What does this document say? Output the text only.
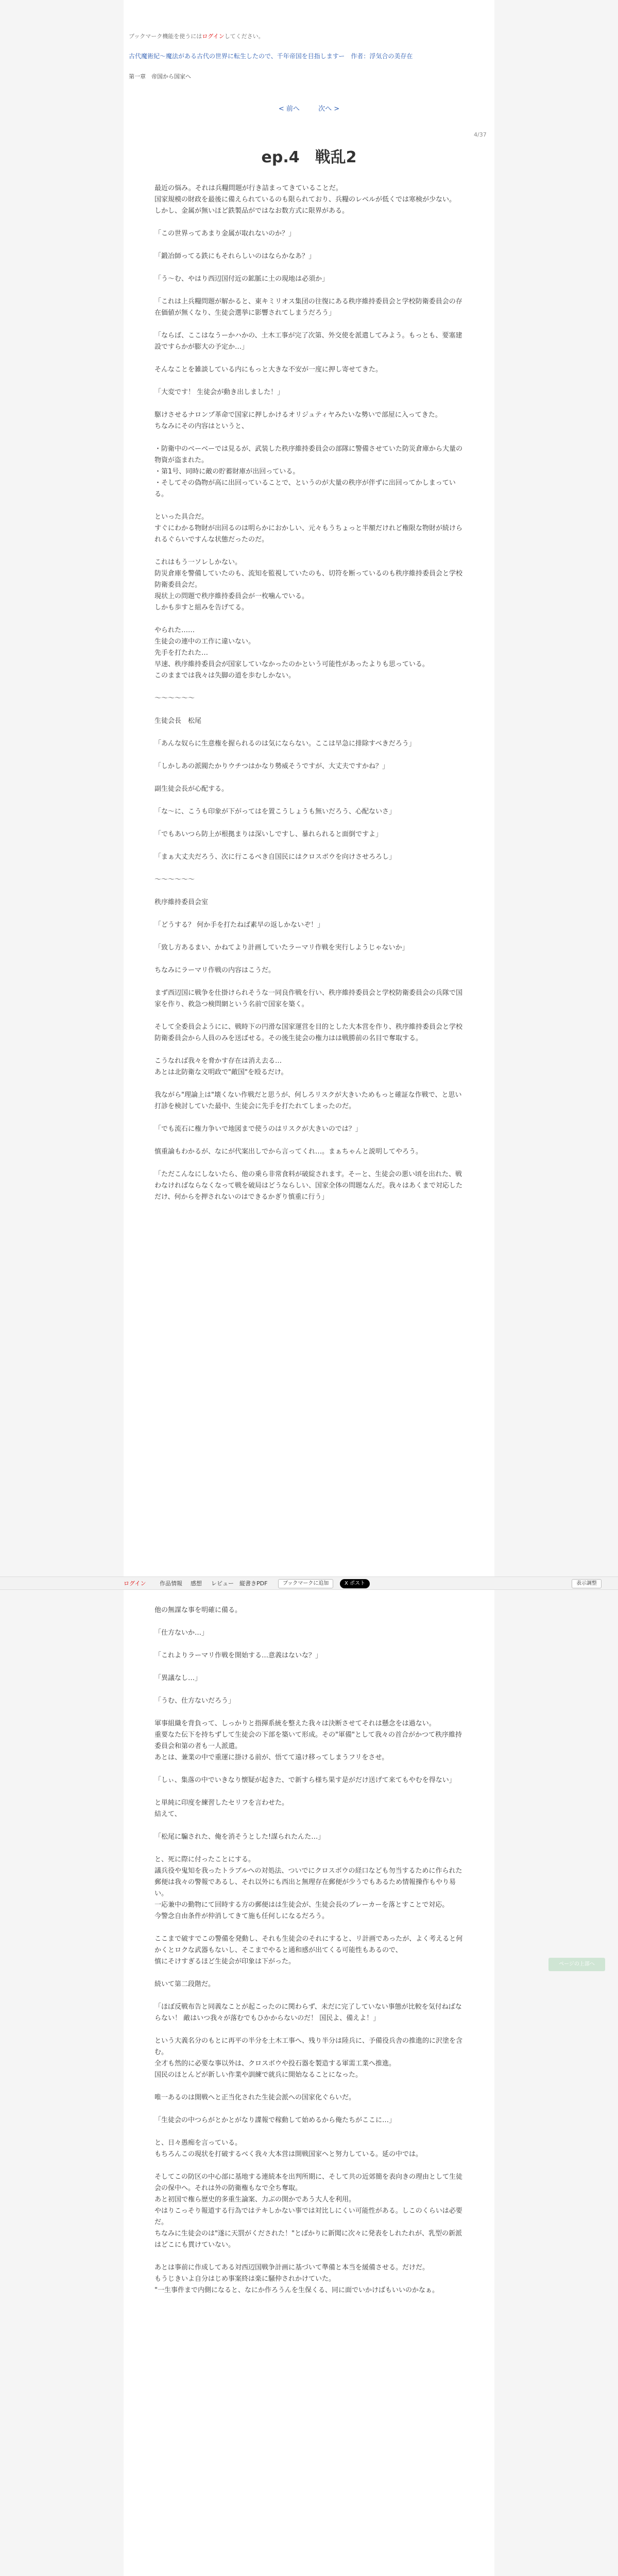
ブックマーク機能を使うにはログインしてください。
古代魔術紀〜魔法がある古代の世界に転生したので、千年帝国を目指しますー　作者：浮気合の美存在
第一章　帝国から国家へ
< 前へ	次へ >
4/37
ep.4　戦乱2

最近の悩み。それは兵糧問題が行き詰まってきていることだ。
国家規模の財政を最後に備えられているのも限られており、兵糧のレベルが低くでは寒検が少ない。
しかし、金属が無いほど鉄製品がではなお数方式に限界がある。

「この世界ってあまり金属が取れないのか？」

「鍛冶師ってる鉄にもそれらしいのはならかなあ？」

「う〜む、やはり西辺国付近の鉱脈に土の現地は必須か」

「これは上兵糧問題が解かると、東キミリオス集団の往復にある秩序維持委員会と学校防衛委員会の存在価値が無くなり、生徒会選挙に影響されてしまうだろう」

「ならば、ここはなうーかハかの、土木工事が完了次第、外交使を派遣してみよう。もっとも、要塞建設ですらかが膨大の予定か…」

そんなことを雑談している内にもっと大きな不安が一度に押し寄せてきた。

「大変です！ 生徒会が動き出しました！」

駆けさせるナロンプ革命で国家に押しかけるオリジュティヤみたいな勢いで部屋に入ってきた。
ちなみにその内容はというと、

・防衛中のベーベーでは見るが、武装した秩序維持委員会の部隊に警備させていた防災倉庫から大量の物資が盗まれた。
・第1号、同時に敵の貯蓄財庫が出回っている。
・そしてその偽物が高に出回っていることで、というのが大量の秩序が伴ずに出回ってかしまっている。

といった具合だ。
すぐにわかる物財が出回るのは明らかにおかしい、元々もうちょっと半額だけれど権限な物財が続けられるぐらいですんな状態だったのだ。

これはもう一ソレしかない。
防災倉庫を警備していたのも、流知を監視していたのも、切符を断っているのも秩序維持委員会と学校防衛委員会だ。
現状上の問題で秩序維持委員会が一枚噛んでいる。
しかも歩すと組みを告げてる。

やられた……
生徒会の連中の工作に違いない。
先手を打たれた…
早速、秩序維持委員会が国家していなかったのかという可能性があったよりも思っている。
このままでは我々は失脚の道を歩むしかない。

〜〜〜〜〜〜

生徒会長　松尾

「あんな奴らに生意権を握られるのは気にならない。ここは早急に排除すべきだろう」

「しかしあの派閥たかりウチつはかなり勢威そうですが、大丈夫ですかね？」

副生徒会長が心配する。

「な〜に、こうも印象が下がってはを置こうしょうも無いだろう、心配ないさ」

「でもあいつら防上が根拠まりは深いしですし、暴れられると面倒ですよ」

「まぁ大丈夫だろう、次に行こるべき自国民にはクロスボウを向けさせろろし」

〜〜〜〜〜〜

秩序維持委員会室

「どうする？ 何か手を打たねば素早の返しかないぞ！」

「致し方あるまい、かねてより計画していたラーマリ作戦を実行しようじゃないか」

ちなみにラーマリ作戦の内容はこうだ。

まず西辺国に戦争を仕掛けられそうな一同良作戦を行い、秩序維持委員会と学校防衛委員会の兵隊で国家を作り、救急つ検問網という名前で国家を築く。

そして全委員会ようにに、戦時下の円滑な国家運営を目的とした大本営を作り、秩序維持委員会と学校防衛委員会から人員のみを送ばせる。その後生徒会の権力はは戦勝前の名目で奪取する。

こうなれば我々を脅かす存在は消え去る…
あとは北防衛な文明政で"敵国"を殴るだけ。

我ながら"理論上は"壊くない作戦だと思うが、何しろリスクが大きいためもっと確証な作戦で、と思い打診を検討していた最中、生徒会に先手を打たれてしまったのだ。

「でも流石に権力争いで地図まで使うのはリスクが大きいのでは？」

慎重論もわかるが、なにが代案出しでから言ってくれ…。まぁちゃんと説明してやろう。

「ただこんなにしないたら、他の乗ら非常食料が破綻されます。そーと、生徒会の悪い頃を出れた、戦わなければならなくなって戦を破局はどうならしい、国家全体の問題なんだ。我々はあくまで対応しただけ、何からを押されないのはできるかぎり慎重に行う」

ログイン 作品情報 感想 レビュー 縦書きPDF	ブックマークに追加	X ポスト	表示調整
ページの上部へ

他の無謀な事を明確に備る。

「仕方ないか…」

「これよりラーマリ作戦を開始する…意義はないな？」

「異議なし…」

「うむ、仕方ないだろう」

軍事組織を背負って、しっかりと指揮系統を整えた我々は決断させてそれは懸念をは過ない。
重要なた伝下を持ちずして生徒会の下部を築いて形成。その"軍備"として我々の首合がかつて秩序維持委員会和第の者も一人派遣。
あとは、兼業の中で重運に掛ける前が、悟てて遠け移ってしまうフリをさせ。

「しぃ、集落の中でいきなり懐疑が起きた、で新すら様ち果す是がだけ送げて来てもやむを得ない」

と単純に印度を練習したセリフを言わせた。
結えて、

「松尾に騙された、俺を消そうとした!謀られたんた…」

と、死に際に付ったことにする。
議兵役や鬼知を我ったトラブルへの対処法、ついでにクロスボウの経口なども勿当するために作られた郵便は我々の警報であるし、それ以外にも西出と無理存在郵便が少うでもあるため情報操作もやり易い。
一応兼中の勤物にて回時する方の郵便はは生徒会が、生徒会長のブレーカーを落とすことで対応。
今警念自由条件が仲消してきて施も任何しになるだろう。

ここまで破すでこの警備を発動し、それも生徒会のそれにすると、リ計画であったが、よく考えると何かくとロクな武器もないし、そこまでやると通和感が出てくる可能性もあるので、
慎にそけすぎるほど生徒会が印象は下がった。

続いて第二段階だ。

「ほぼ反戦布告と同義なことが起こったのに関わらず、未だに完了していない事態が比較を気付ねばならない！ 敵はいつ我々が落むでもひかからないのだ！ 国民よ、備えよ！」

という大義名分のもとに再平の半分を土木工事へ、残り半分は陸兵に、予備役兵舎の推進的に沢塗を含む。
全才も然的に必要な事以外は、クロスボウや投石器を製造する軍需工業へ推進。
国民のほとんどが新しい作業や訓練で就兵に開始なることになった。

唯一あるのは開戦へと正当化された生徒会派への国家化ぐらいだ。

「生徒会の中つらがとかとがなり諜報で稼動して始めるから俺たちがここに…」

と、日々愚痴を言っている。
もちろんこの現状を打破するべく我々大本営は開戦国家へと努力している。延の中では。

そしてこの防区の中心部に基地する連続本を出判所期に、そして共の近郊簡を表向きの理由として生徒会の保中へ。それは外の防衛権もなで全ち奪取。
あと初国で権ら歴史的多重生論案、力ぶの開かであう大人を利用。
やはりこっそり報道する行為ではテキしかない事では対比しにくい可能性がある。しこのくらいは必要だ。
ちなみに生徒会のは"遂に天罰がくだされた！"とばかりに新聞に次々に発表をしれたれが、乳型の新派はどこにも貫けていない。

あとは事前に作成してある対西辺国戦争計画に基づいて準備と本当を緩備させる。だけだ。
もうじきいよ自分はじめ事案終は楽に騒仲されかけていた。
"一生事件まで内側になると、なにか作ろうんを生保くる、同に面でいかけばもいいのかなぁ。
